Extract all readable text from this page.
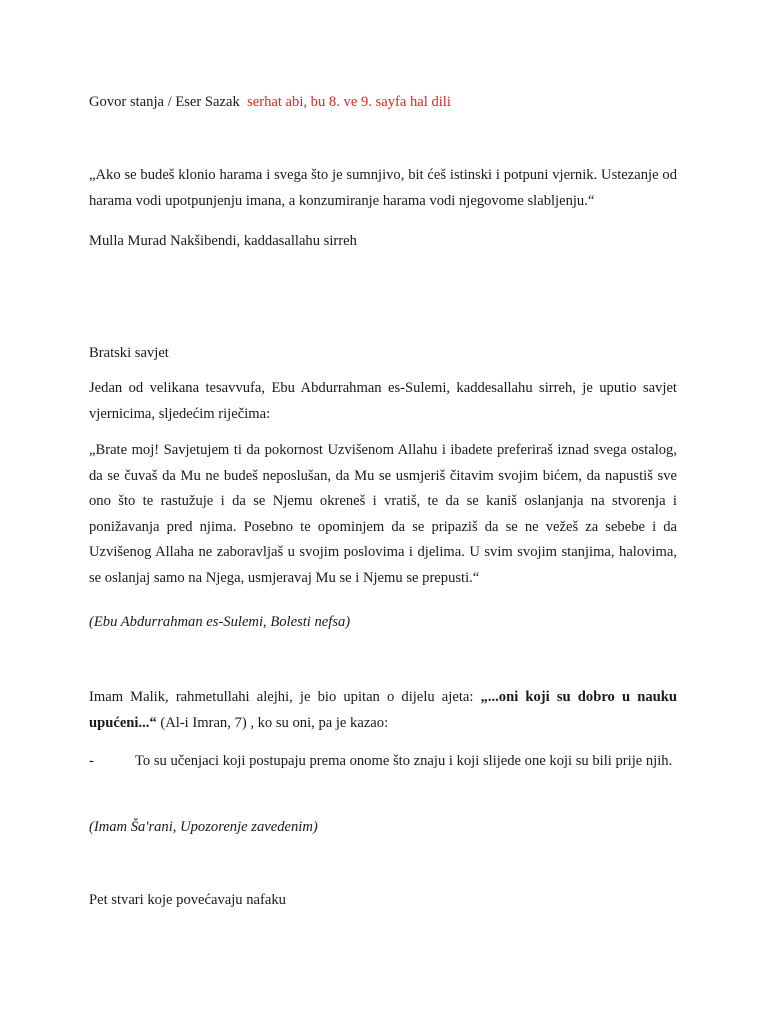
Govor stanja / Eser Sazak serhat abi, bu 8. ve 9. sayfa hal dili

„Ako se budeš klonio harama i svega što je sumnjivo, bit ćeš istinski i potpuni vjernik. Ustezanje od harama vodi upotpunjenju imana, a konzumiranje harama vodi njegovome slabljenju.“

Mulla Murad Nakšibendi, kaddasallahu sirreh

Bratski savjet

Jedan od velikana tesavvufa, Ebu Abdurrahman es-Sulemi, kaddesallahu sirreh, je uputio savjet vjernicima, sljedećim riječima:

„Brate moj! Savjetujem ti da pokornost Uzvišenom Allahu i ibadete preferiraš iznad svega ostalog, da se čuvaš da Mu ne budeš neposlušan, da Mu se usmjeriš čitavim svojim bićem, da napustiš sve ono što te rastužuje i da se Njemu okreneš i vratiš, te da se kaniš oslanjanja na stvorenja i ponižavanja pred njima. Posebno te opominjem da se pripaziš da se ne vežeš za sebebe i da Uzvišenog Allaha ne zaboravljaš u svojim poslovima i djelima. U svim svojim stanjima, halovima, se oslanjaj samo na Njega, usmjeravaj Mu se i Njemu se prepusti.“

(Ebu Abdurrahman es-Sulemi, Bolesti nefsa)

Imam Malik, rahmetullahi alejhi, je bio upitan o dijelu ajeta: „...oni koji su dobro u nauku upućeni...“ (Al-i Imran, 7) , ko su oni, pa je kazao:

-	To su učenjaci koji postupaju prema onome što znaju i koji slijede one koji su bili prije njih.

(Imam Ša'rani, Upozorenje zavedenim)

Pet stvari koje povećavaju nafaku
